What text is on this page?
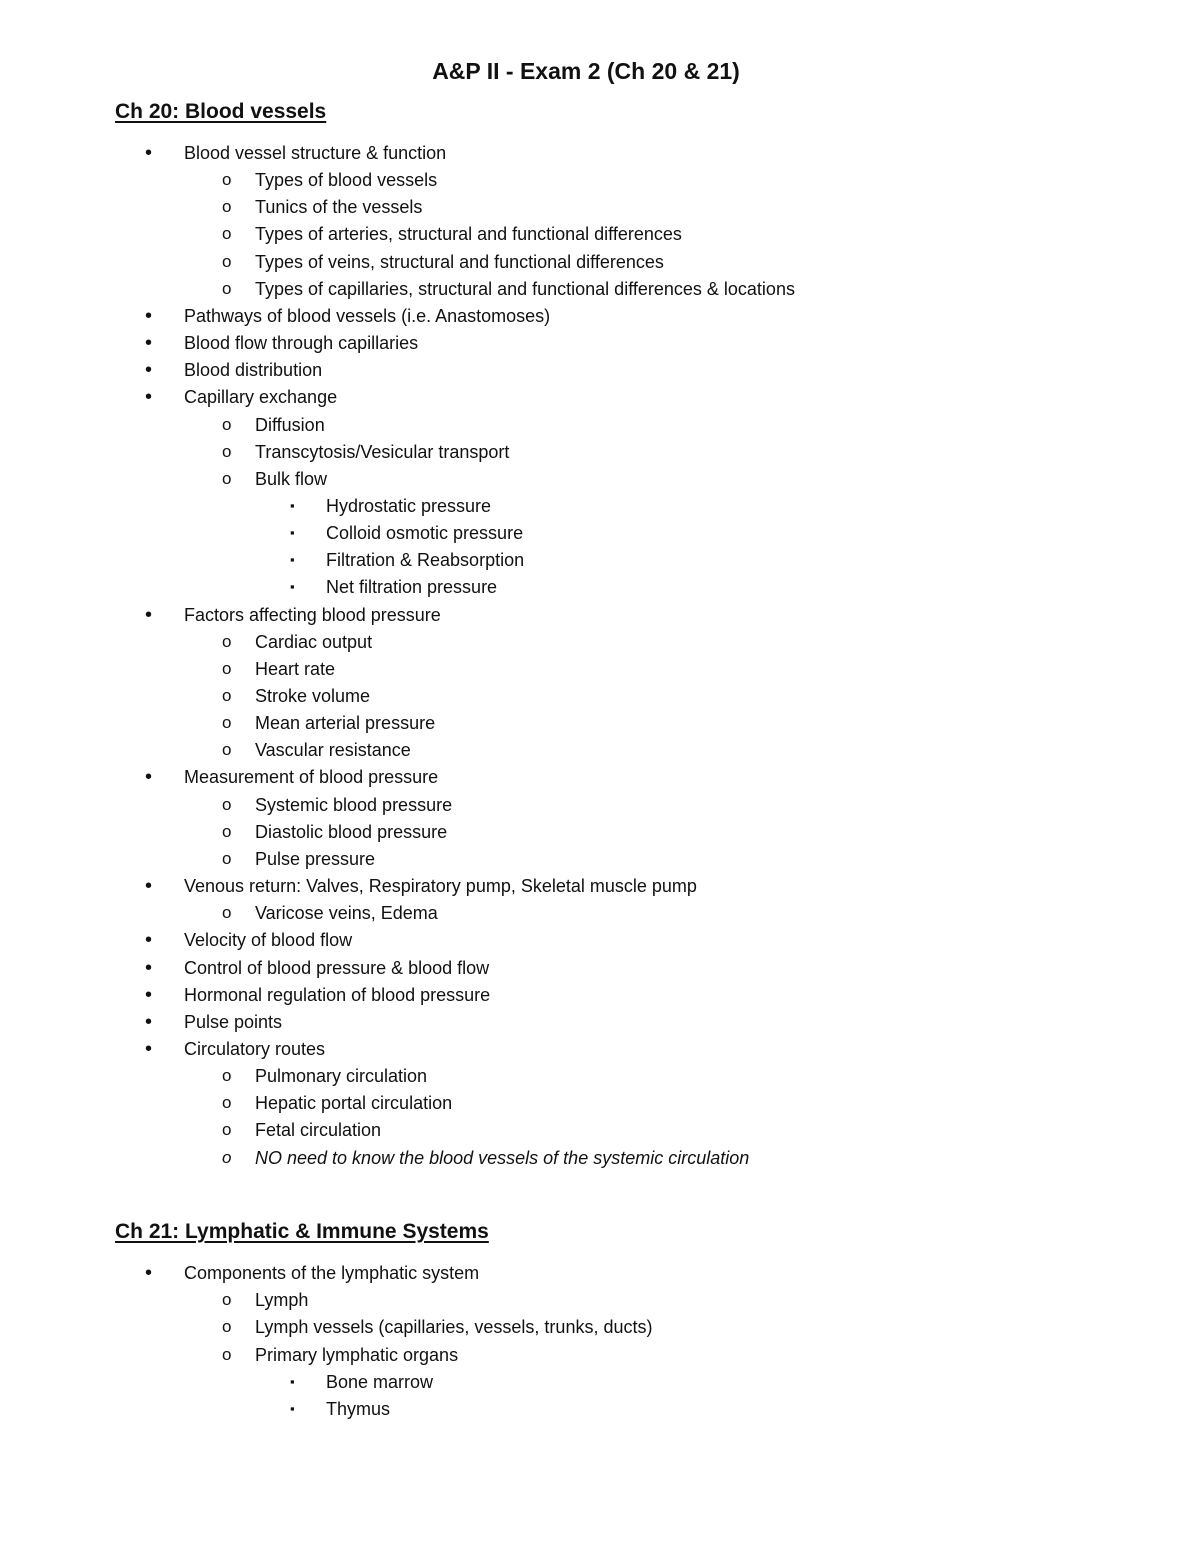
A&P II - Exam 2 (Ch 20 & 21)
Ch 20: Blood vessels
• Blood vessel structure & function
o Types of blood vessels
o Tunics of the vessels
o Types of arteries, structural and functional differences
o Types of veins, structural and functional differences
o Types of capillaries, structural and functional differences & locations
• Pathways of blood vessels (i.e. Anastomoses)
• Blood flow through capillaries
• Blood distribution
• Capillary exchange
o Diffusion
o Transcytosis/Vesicular transport
o Bulk flow
▪ Hydrostatic pressure
▪ Colloid osmotic pressure
▪ Filtration & Reabsorption
▪ Net filtration pressure
• Factors affecting blood pressure
o Cardiac output
o Heart rate
o Stroke volume
o Mean arterial pressure
o Vascular resistance
• Measurement of blood pressure
o Systemic blood pressure
o Diastolic blood pressure
o Pulse pressure
• Venous return: Valves, Respiratory pump, Skeletal muscle pump
o Varicose veins, Edema
• Velocity of blood flow
• Control of blood pressure & blood flow
• Hormonal regulation of blood pressure
• Pulse points
• Circulatory routes
o Pulmonary circulation
o Hepatic portal circulation
o Fetal circulation
o NO need to know the blood vessels of the systemic circulation
Ch 21: Lymphatic & Immune Systems
• Components of the lymphatic system
o Lymph
o Lymph vessels (capillaries, vessels, trunks, ducts)
o Primary lymphatic organs
▪ Bone marrow
▪ Thymus
